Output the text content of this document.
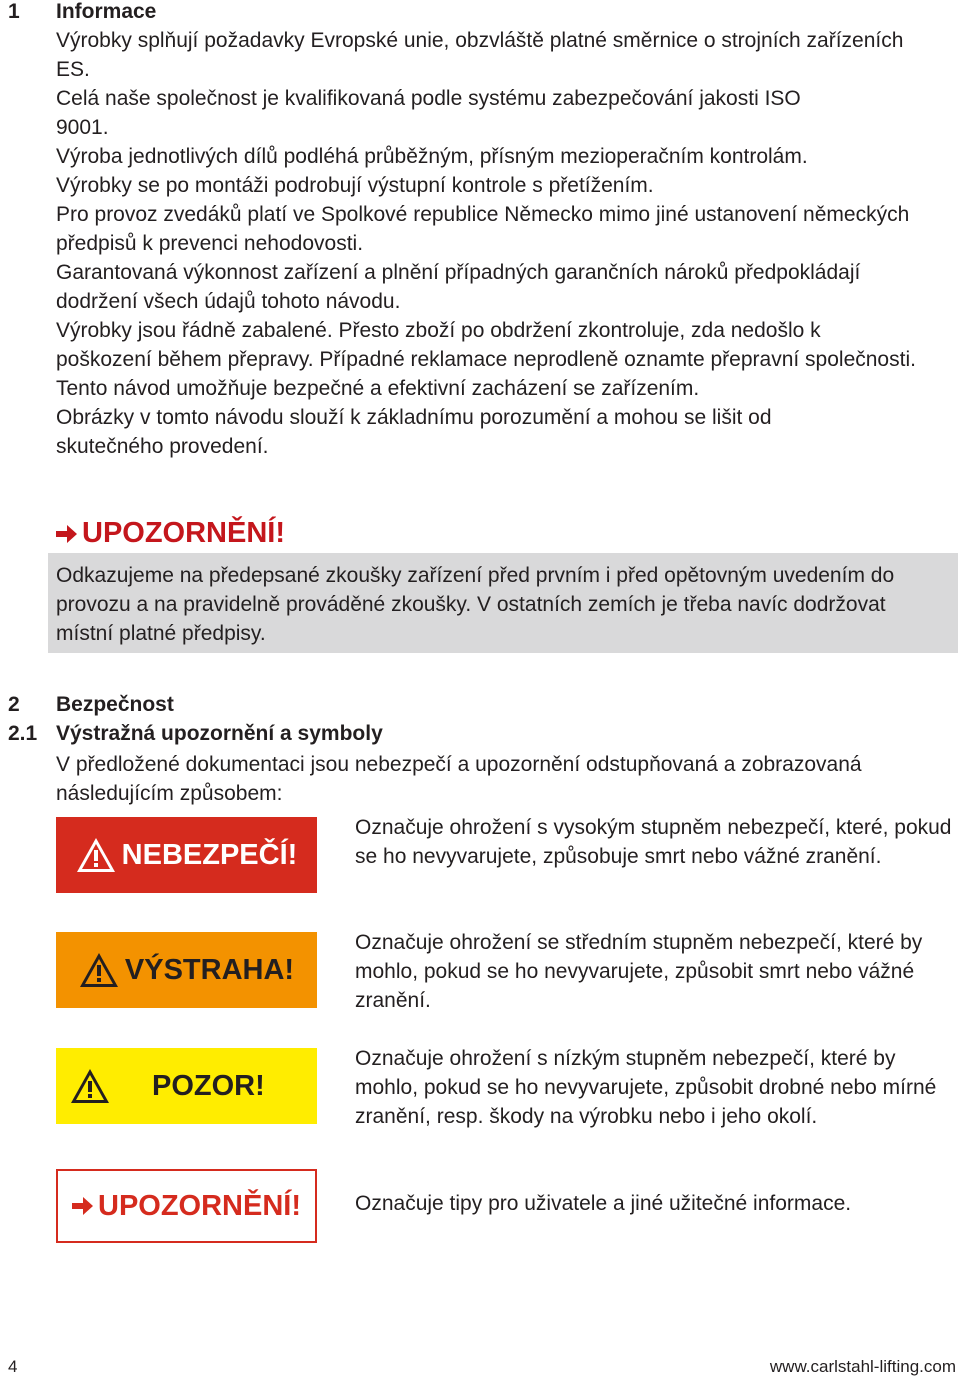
1 Informace

Výrobky splňují požadavky Evropské unie, obzvláště platné směrnice o strojních zařízeních ES.

Celá naše společnost je kvalifikovaná podle systému zabezpečování jakosti ISO 9001.

Výroba jednotlivých dílů podléhá průběžným, přísným mezioperačním kontrolám.

Výrobky se po montáži podrobují výstupní kontrole s přetížením.

Pro provoz zvedáků platí ve Spolkové republice Německo mimo jiné ustanovení německých předpisů k prevenci nehodovosti.

Garantovaná výkonnost zařízení a plnění případných garančních nároků předpokládají dodržení všech údajů tohoto návodu.

Výrobky jsou řádně zabalené. Přesto zboží po obdržení zkontroluje, zda nedošlo k poškození během přepravy. Případné reklamace neprodleně oznamte přepravní společnosti.

Tento návod umožňuje bezpečné a efektivní zacházení se zařízením.

Obrázky v tomto návodu slouží k základnímu porozumění a mohou se lišit od skutečného provedení.

UPOZORNĚNÍ!
Odkazujeme na předepsané zkoušky zařízení před prvním i před opětovným uvedením do provozu a na pravidelně prováděné zkoušky. V ostatních zemích je třeba navíc dodržovat místní platné předpisy.
2 Bezpečnost
2.1 Výstražná upozornění a symboly
V předložené dokumentaci jsou nebezpečí a upozornění odstupňovaná a zobrazovaná následujícím způsobem:
NEBEZPEČÍ!
Označuje ohrožení s vysokým stupněm nebezpečí, které, pokud se ho nevyvarujete, způsobuje smrt nebo vážné zranění.
VÝSTRAHA!
Označuje ohrožení se středním stupněm nebezpečí, které by mohlo, pokud se ho nevyvarujete, způsobit smrt nebo vážné zranění.
POZOR!
Označuje ohrožení s nízkým stupněm nebezpečí, které by mohlo, pokud se ho nevyvarujete, způsobit drobné nebo mírné zranění, resp. škody na výrobku nebo i jeho okolí.
UPOZORNĚNÍ!	Označuje tipy pro uživatele a jiné užitečné informace.
4	www.carlstahl-lifting.com
